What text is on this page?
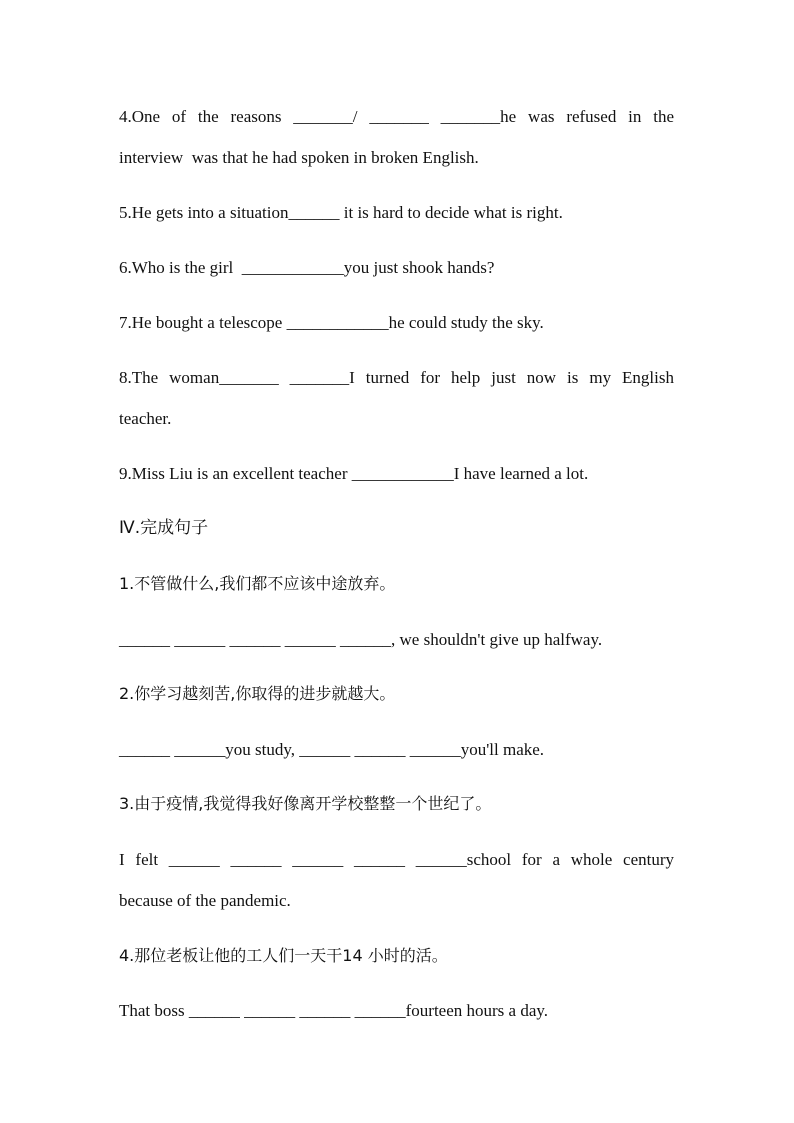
4.One of the reasons _______/ _______ _______he was refused in the
interview  was that he had spoken in broken English.
5.He gets into a situation______ it is hard to decide what is right.
6.Who is the girl  ____________you just shook hands?
7.He bought a telescope ____________he could study the sky.
8.The woman_______ _______I turned for help just now is my English
teacher.
9.Miss Liu is an excellent teacher ____________I have learned a lot.
Ⅳ.完成句子
1.不管做什么,我们都不应该中途放弃。
______ ______ ______ ______ ______, we shouldn't give up halfway.
2.你学习越刻苦,你取得的进步就越大。
______ ______you study, ______ ______ ______you'll make.
3.由于疫情,我觉得我好像离开学校整整一个世纪了。
I felt ______ ______ ______ ______ ______school for a whole century
because of the pandemic.
4.那位老板让他的工人们一天干14 小时的活。
That boss ______ ______ ______ ______fourteen hours a day.
